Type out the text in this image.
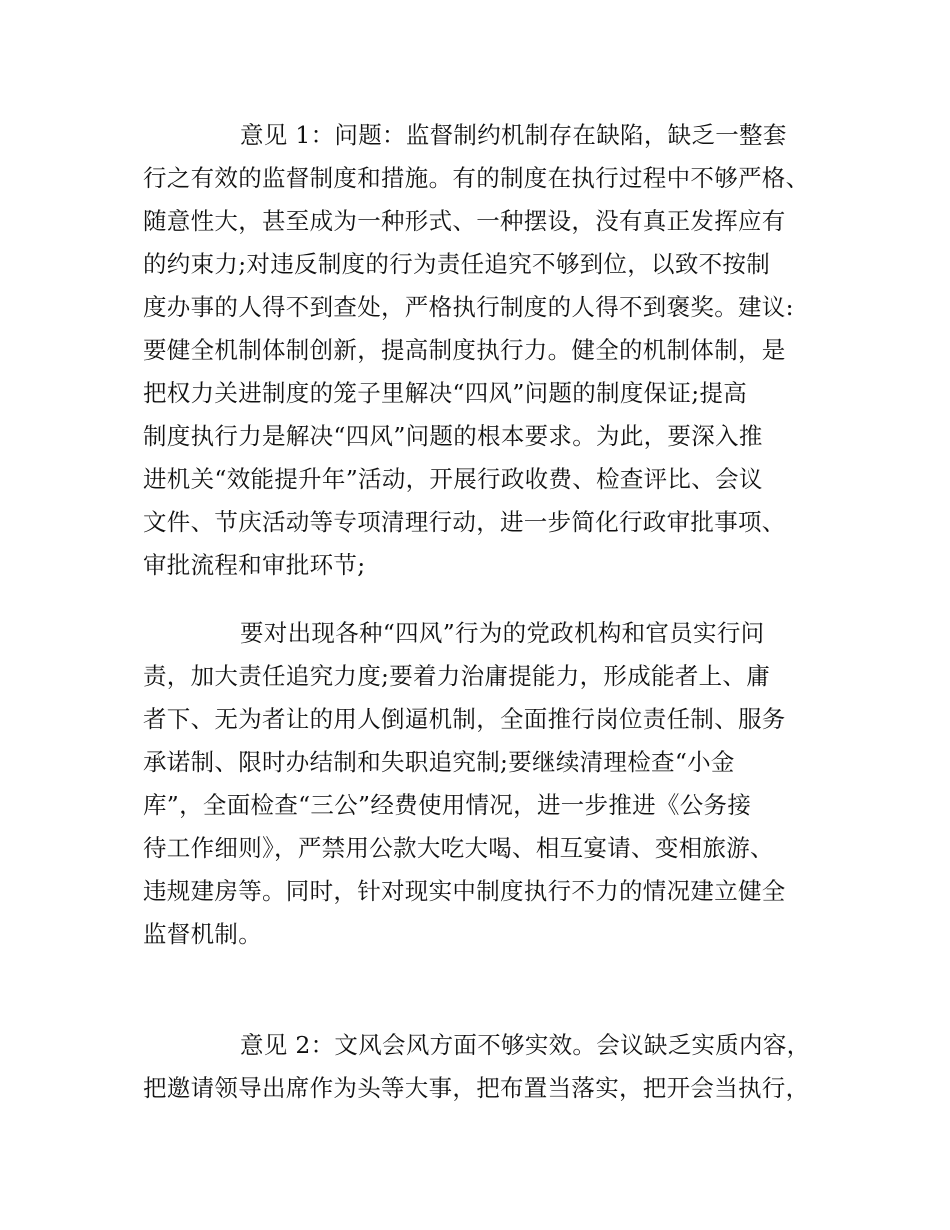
意见 1：问题：监督制约机制存在缺陷，缺乏一整套
行之有效的监督制度和措施。有的制度在执行过程中不够严格、
随意性大，甚至成为一种形式、一种摆设，没有真正发挥应有
的约束力;对违反制度的行为责任追究不够到位，以致不按制
度办事的人得不到查处，严格执行制度的人得不到褒奖。建议:
要健全机制体制创新，提高制度执行力。健全的机制体制，是
把权力关进制度的笼子里解决“四风”问题的制度保证;提高
制度执行力是解决“四风”问题的根本要求。为此，要深入推
进机关“效能提升年”活动，开展行政收费、检查评比、会议
文件、节庆活动等专项清理行动，进一步简化行政审批事项、
审批流程和审批环节;
要对出现各种“四风”行为的党政机构和官员实行问
责，加大责任追究力度;要着力治庸提能力，形成能者上、庸
者下、无为者让的用人倒逼机制，全面推行岗位责任制、服务
承诺制、限时办结制和失职追究制;要继续清理检查“小金
库”，全面检查“三公”经费使用情况，进一步推进《公务接
待工作细则》，严禁用公款大吃大喝、相互宴请、变相旅游、
违规建房等。同时，针对现实中制度执行不力的情况建立健全
监督机制。
意见 2：文风会风方面不够实效。会议缺乏实质内容，
把邀请领导出席作为头等大事，把布置当落实，把开会当执行，
